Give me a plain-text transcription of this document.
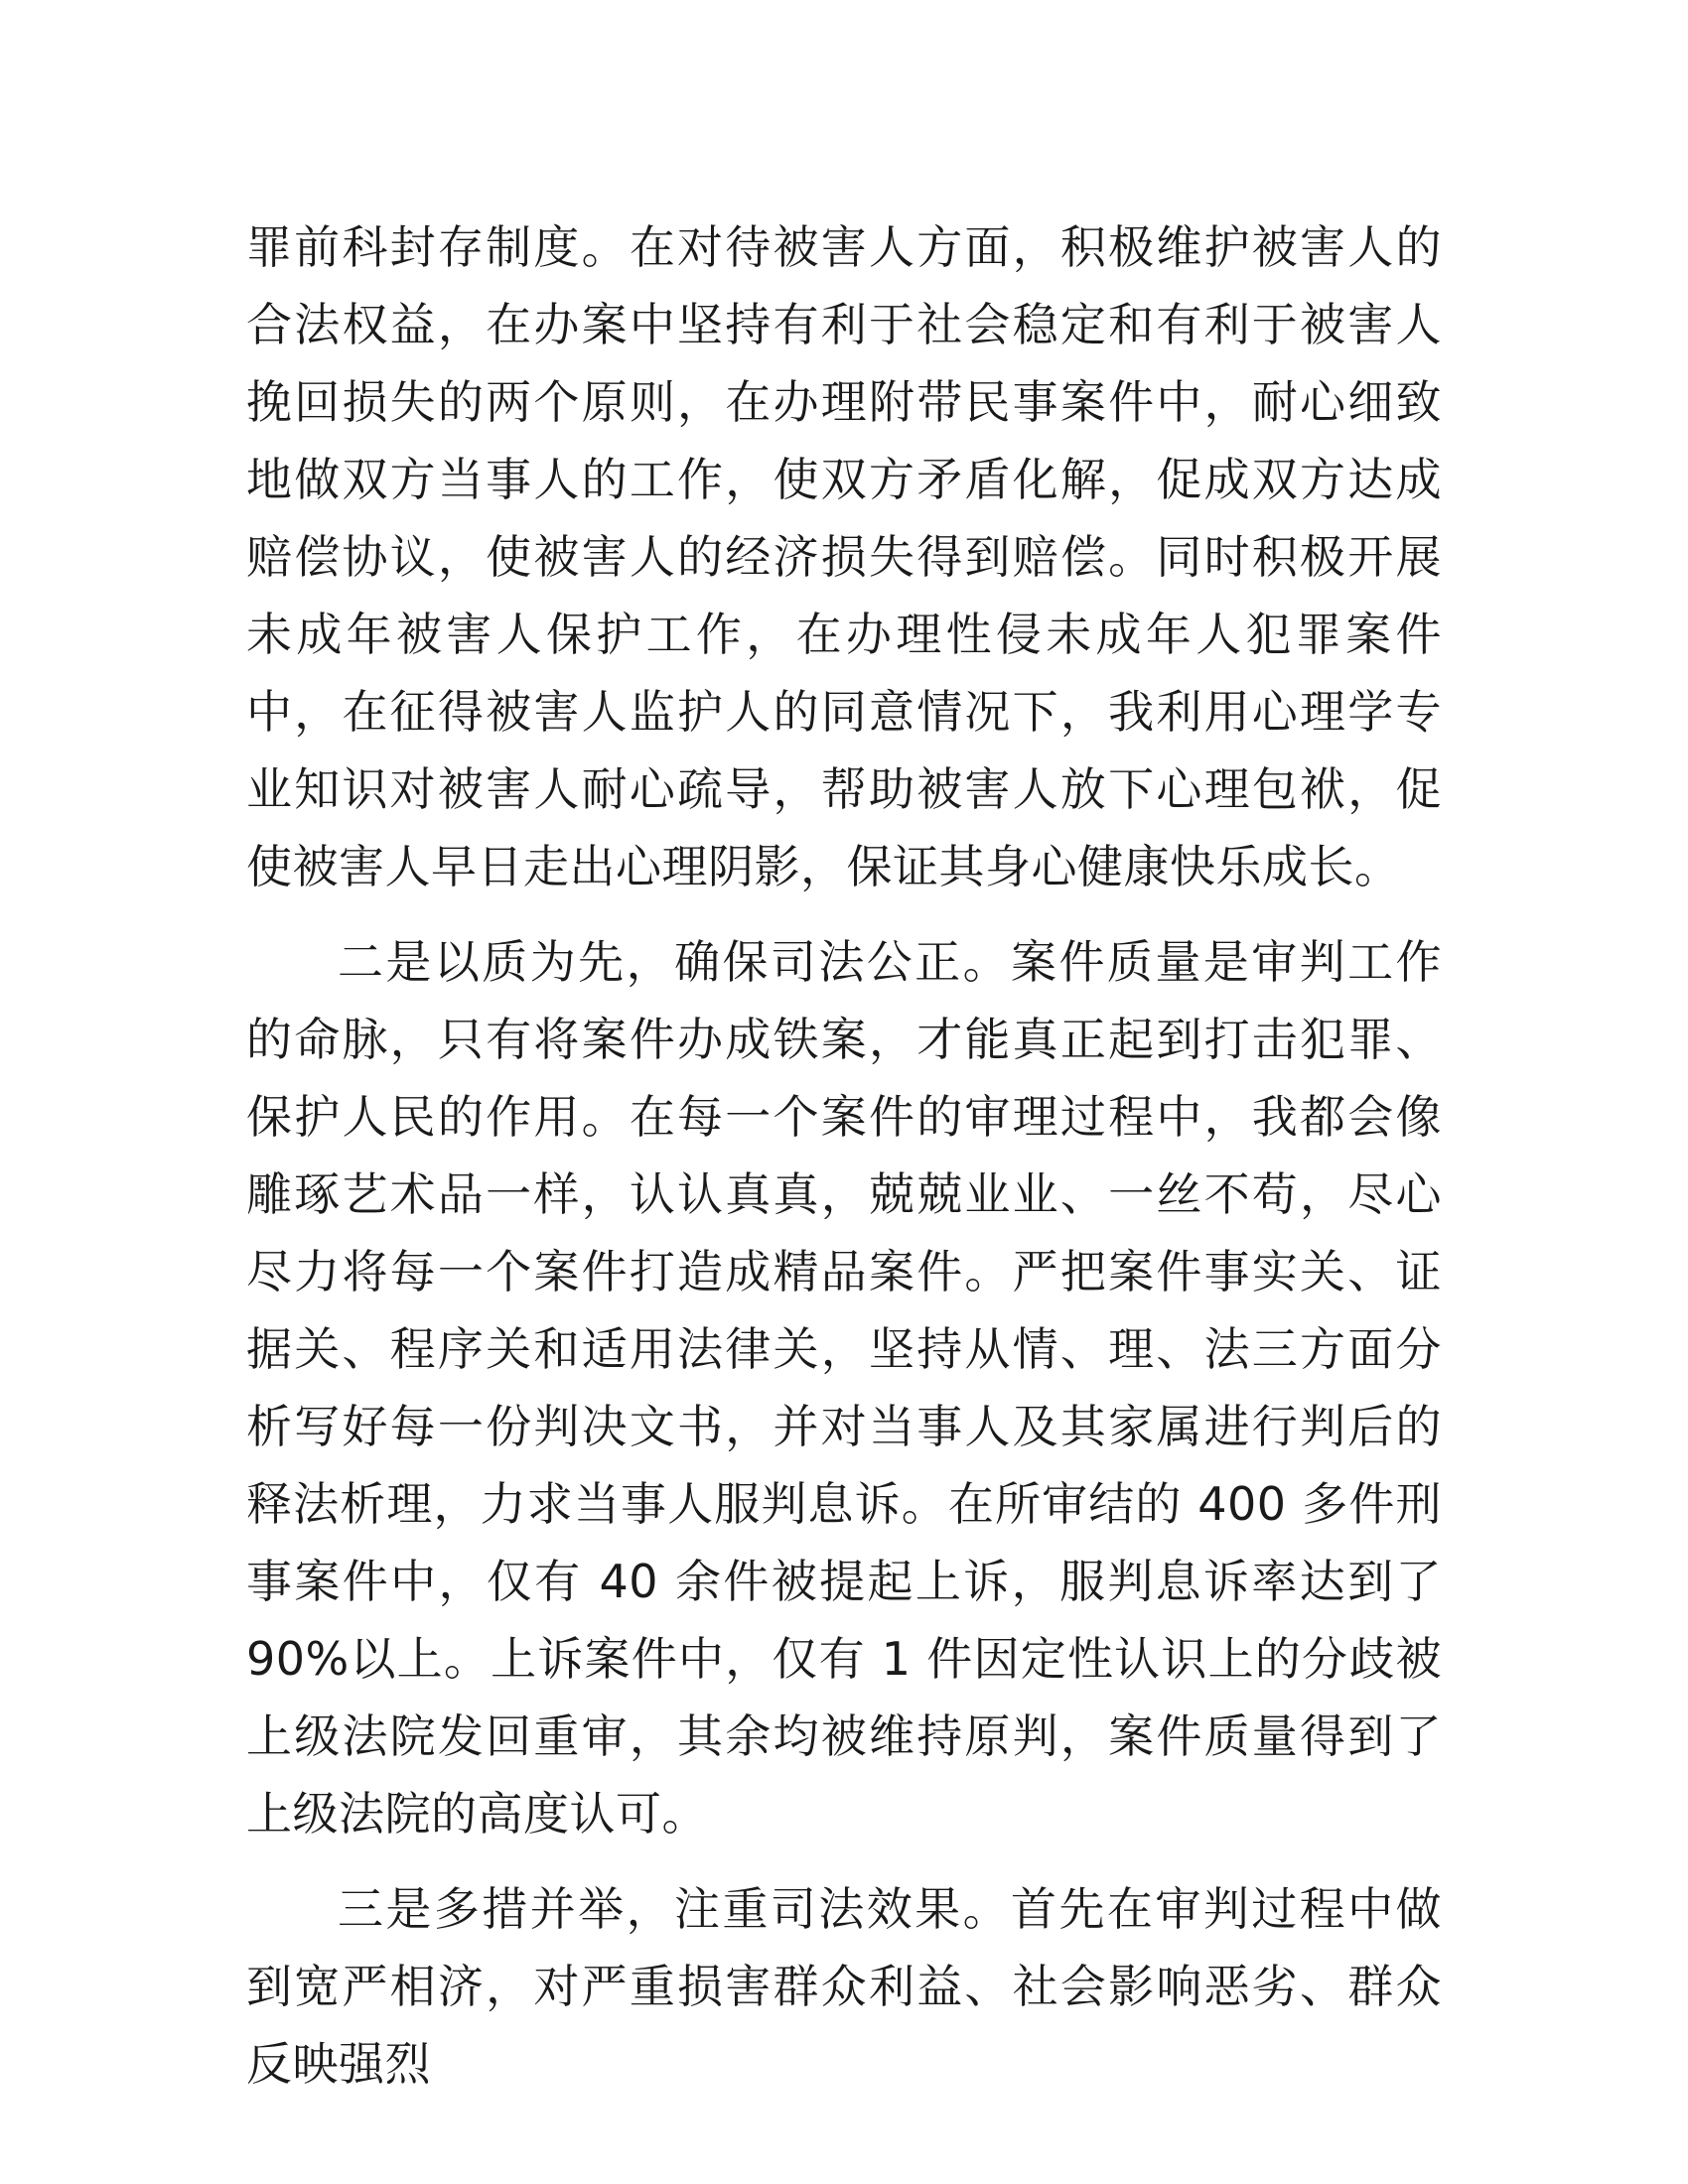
罪前科封存制度。在对待被害人方面，积极维护被害人的合法权益，在办案中坚持有利于社会稳定和有利于被害人挽回损失的两个原则，在办理附带民事案件中，耐心细致地做双方当事人的工作，使双方矛盾化解，促成双方达成赔偿协议，使被害人的经济损失得到赔偿。同时积极开展未成年被害人保护工作，在办理性侵未成年人犯罪案件中，在征得被害人监护人的同意情况下，我利用心理学专业知识对被害人耐心疏导，帮助被害人放下心理包袱，促使被害人早日走出心理阴影，保证其身心健康快乐成长。

二是以质为先，确保司法公正。案件质量是审判工作的命脉，只有将案件办成铁案，才能真正起到打击犯罪、保护人民的作用。在每一个案件的审理过程中，我都会像雕琢艺术品一样，认认真真，兢兢业业、一丝不苟，尽心尽力将每一个案件打造成精品案件。严把案件事实关、证据关、程序关和适用法律关，坚持从情、理、法三方面分析写好每一份判决文书，并对当事人及其家属进行判后的释法析理，力求当事人服判息诉。在所审结的 400 多件刑事案件中，仅有 40 余件被提起上诉，服判息诉率达到了 90%以上。上诉案件中，仅有 1 件因定性认识上的分歧被上级法院发回重审，其余均被维持原判，案件质量得到了上级法院的高度认可。

三是多措并举，注重司法效果。首先在审判过程中做到宽严相济，对严重损害群众利益、社会影响恶劣、群众反映强烈
